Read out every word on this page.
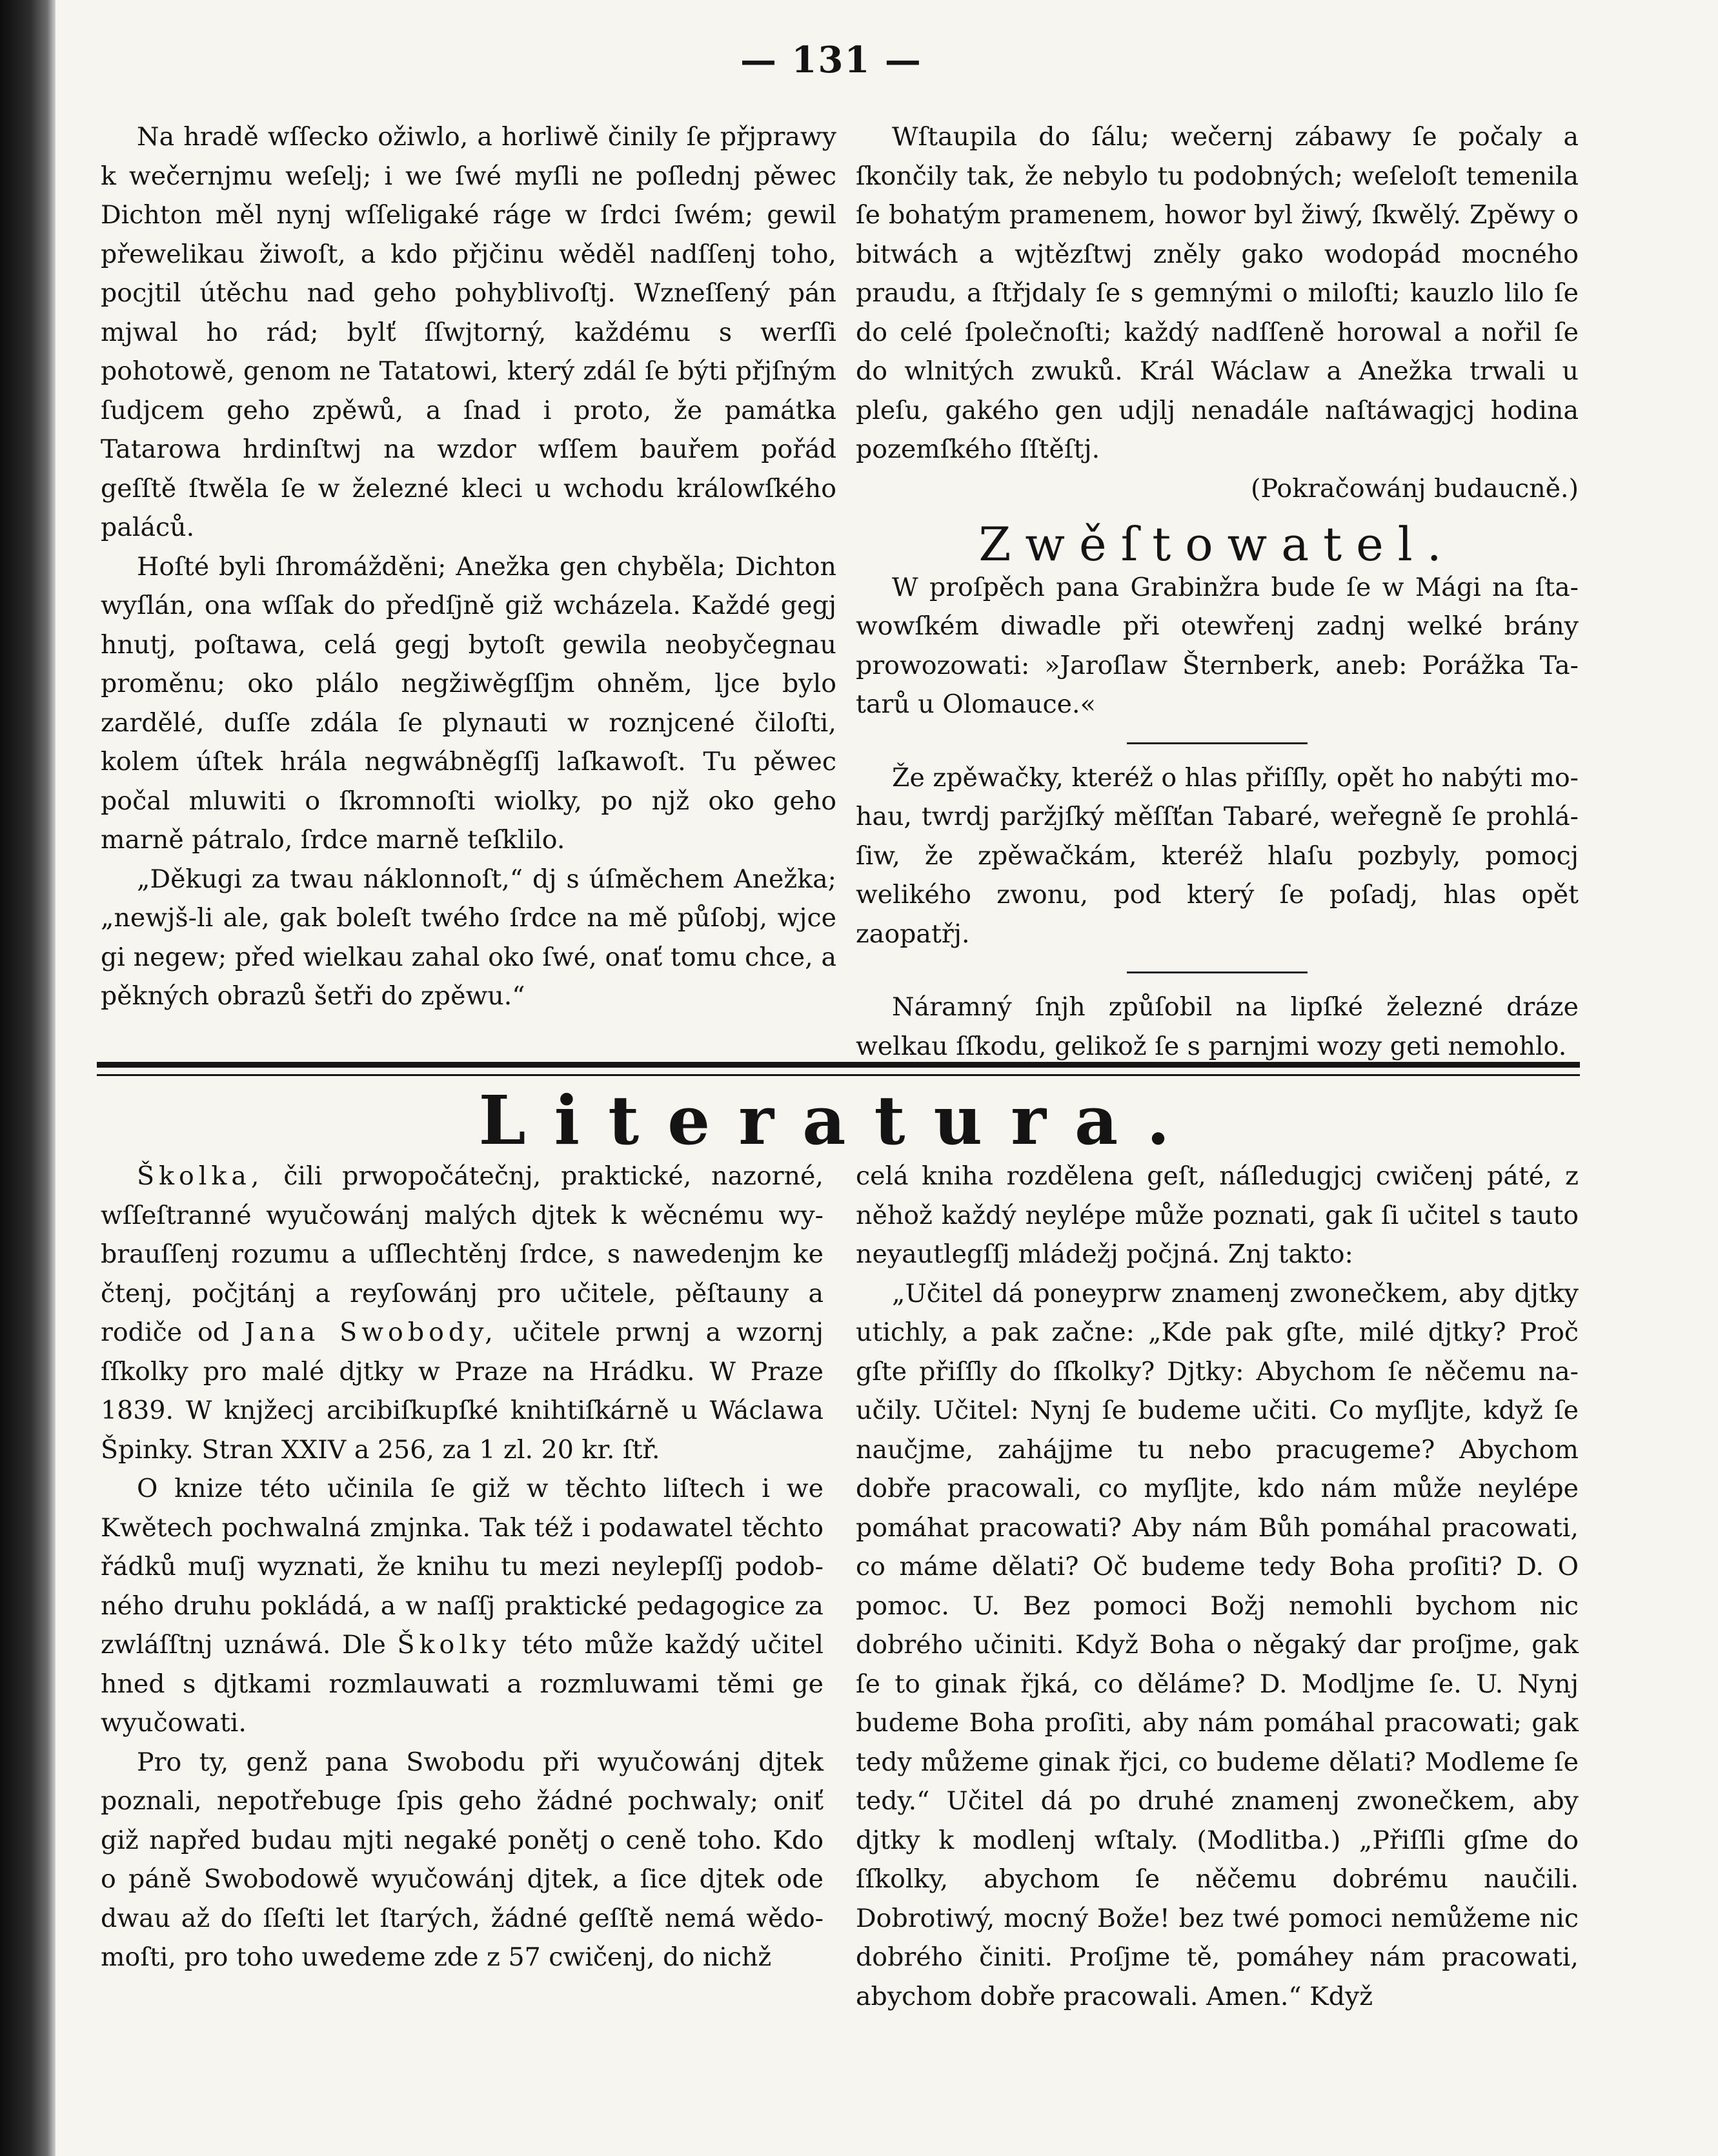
— 131 —

Na hradě wſſecko ožiwlo, a horliwě činily ſe přjprawy k wečernjmu weſelj; i we ſwé myſli ne poſlednj pěwec Dichton měl nynj wſſeligaké ráge w ſrdci ſwém; gewil přewelikau žiwoſt, a kdo přjčinu wěděl nadſſenj toho, pocjtil útěchu nad geho pohyblivoſtj. Wzneſſený pán mjwal ho rád; bylť ſſwjtorný, každému s werſſi pohotowě, genom ne Tatatowi, který zdál ſe býti přjſným ſudjcem geho zpěwů, a ſnad i proto, že památka Tatarowa hrdinſtwj na wzdor wſſem bauřem pořád geſſtě ſtwěla ſe w železné kleci u wchodu králowſkého paláců.

Hoſté byli ſhromážděni; Anežka gen chyběla; Dichton wyſlán, ona wſſak do předſjně giž wcházela. Každé gegj hnutj, poſtawa, celá gegj bytoſt gewila neobyčegnau proměnu; oko plálo negžiwěgſſjm ohněm, ljce bylo zardělé, duſſe zdála ſe plynauti w roznjcené čiloſti, kolem úſtek hrála negwábněgſſj laſkawoſt. Tu pěwec počal mluwiti o ſkromnoſti wiolky, po njž oko geho marně pátralo, ſrdce marně teſklilo.

„Děkugi za twau náklonnoſt,“ dj s úſměchem Anežka; „newjš-li ale, gak boleſt twého ſrdce na mě půſobj, wjce gi negew; před wielkau zahal oko ſwé, onať tomu chce, a pěkných obrazů šetři do zpěwu.“

Wſtaupila do ſálu; wečernj zábawy ſe počaly a ſkončily tak, že nebylo tu podobných; weſeloſt temenila ſe bohatým pramenem, howor byl žiwý, ſkwělý. Zpěwy o bitwách a wjtězſtwj zněly gako wodopád mocného praudu, a ſtřjdaly ſe s gemnými o miloſti; kauzlo lilo ſe do celé ſpolečnoſti; každý nadſſeně horowal a nořil ſe do wlnitých zwuků. Král Wáclaw a Anežka trwali u pleſu, gakého gen udjlj nenadále naſtáwagjcj hodina pozemſkého ſſtěſtj.

(Pokračowánj budaucně.)

Zwěſtowatel.

W proſpěch pana Grabinžra bude ſe w Mági na ſtawowſkém diwadle při otewřenj zadnj welké brány prowozowati: »Jaroſlaw Šternberk, aneb: Porážka Tatarů u Olomauce.«

Že zpěwačky, kteréž o hlas přiſſly, opět ho nabýti mohau, twrdj paržjſký měſſťan Tabaré, weřegně ſe prohláſiw, že zpěwačkám, kteréž hlaſu pozbyly, pomocj welikého zwonu, pod který ſe poſadj, hlas opět zaopatřj.

Náramný ſnjh způſobil na lipſké železné dráze welkau ſſkodu, gelikož ſe s parnjmi wozy geti nemohlo.

Literatura.

Školka, čili prwopočátečnj, praktické, nazorné, wſſeſtranné wyučowánj malých djtek k wěcnému wybrauſſenj rozumu a uſſlechtěnj ſrdce, s nawedenjm ke čtenj, počjtánj a reyſowánj pro učitele, pěſtauny a rodiče od Jana Swobody, učitele prwnj a wzornj ſſkolky pro malé djtky w Praze na Hrádku. W Praze 1839. W knjžecj arcibiſkupſké knihtiſkárně u Wáclawa Špinky. Stran XXIV a 256, za 1 zl. 20 kr. ſtř.

O knize této učinila ſe giž w těchto liſtech i we Kwětech pochwalná zmjnka. Tak též i podawatel těchto řádků muſj wyznati, že knihu tu mezi neylepſſj podobného druhu pokládá, a w naſſj praktické pedagogice za zwláſſtnj uznáwá. Dle Školky této může každý učitel hned s djtkami rozmlauwati a rozmluwami těmi ge wyučowati.

Pro ty, genž pana Swobodu při wyučowánj djtek poznali, nepotřebuge ſpis geho žádné pochwaly; oniť giž napřed budau mjti negaké ponětj o ceně toho. Kdo o páně Swobodowě wyučowánj djtek, a ſice djtek ode dwau až do ſſeſti let ſtarých, žádné geſſtě nemá wědomoſti, pro toho uwedeme zde z 57 cwičenj, do nichž

celá kniha rozdělena geſt, náſledugjcj cwičenj páté, z něhož každý neylépe může poznati, gak ſi učitel s tauto neyautlegſſj mládežj počjná. Znj takto:

„Učitel dá poneyprw znamenj zwonečkem, aby djtky utichly, a pak začne: „Kde pak gſte, milé djtky? Proč gſte přiſſly do ſſkolky? Djtky: Abychom ſe něčemu naučily. Učitel: Nynj ſe budeme učiti. Co myſljte, když ſe naučjme, zahájjme tu nebo pracugeme? Abychom dobře pracowali, co myſljte, kdo nám může neylépe pomáhat pracowati? Aby nám Bůh pomáhal pracowati, co máme dělati? Oč budeme tedy Boha proſiti? D. O pomoc. U. Bez pomoci Božj nemohli bychom nic dobrého učiniti. Když Boha o něgaký dar proſjme, gak ſe to ginak řjká, co děláme? D. Modljme ſe. U. Nynj budeme Boha proſiti, aby nám pomáhal pracowati; gak tedy můžeme ginak řjci, co budeme dělati? Modleme ſe tedy.“ Učitel dá po druhé znamenj zwonečkem, aby djtky k modlenj wſtaly. (Modlitba.) „Přiſſli gſme do ſſkolky, abychom ſe něčemu dobrému naučili. Dobrotiwý, mocný Bože! bez twé pomoci nemůžeme nic dobrého činiti. Proſjme tě, pomáhey nám pracowati, abychom dobře pracowali. Amen.“ Když
